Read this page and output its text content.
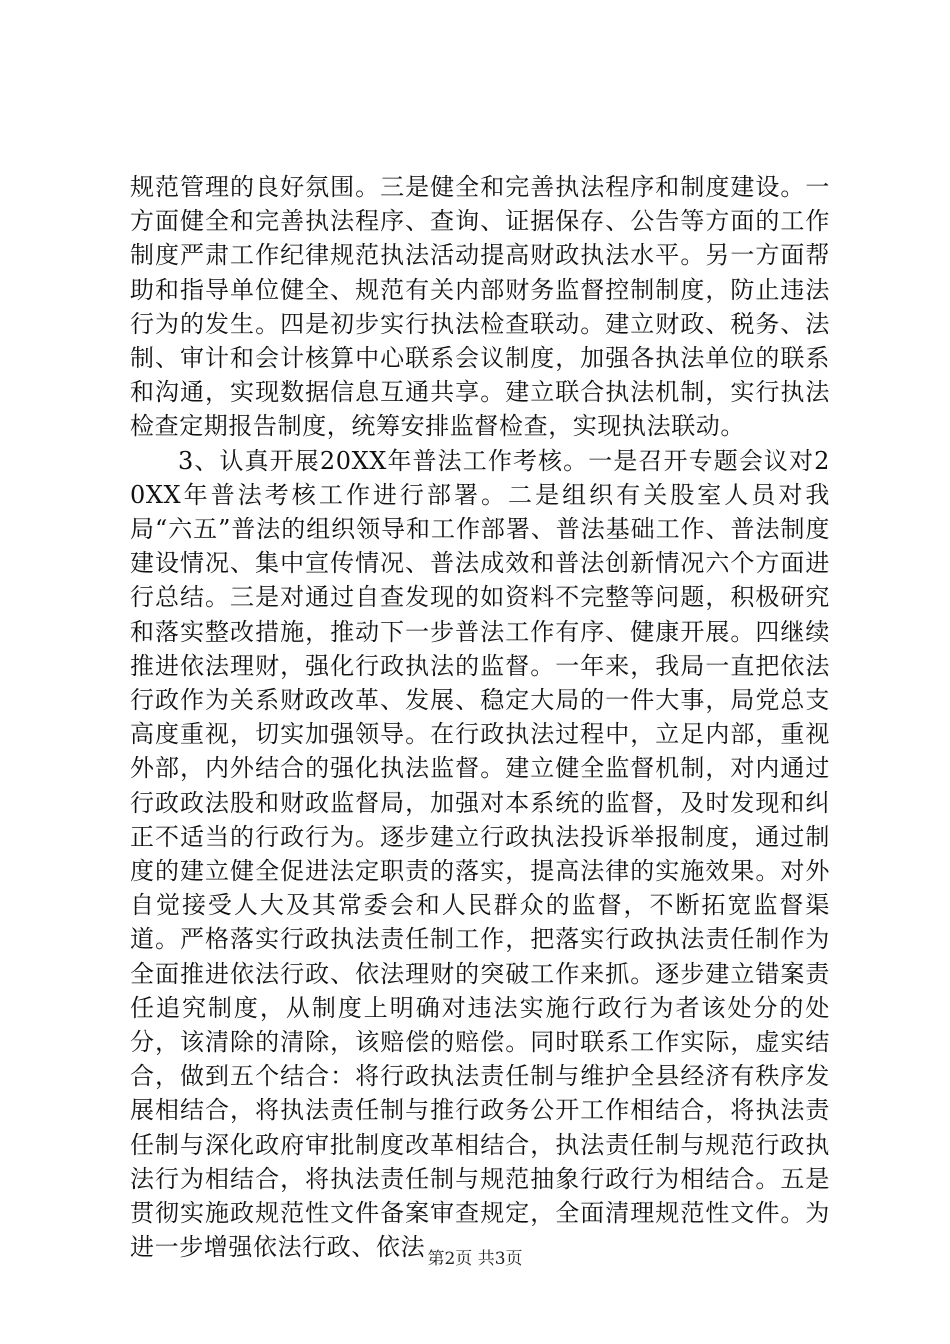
规范管理的良好氛围。三是健全和完善执法程序和制度建设。一方面健全和完善执法程序、查询、证据保存、公告等方面的工作制度严肃工作纪律规范执法活动提高财政执法水平。另一方面帮助和指导单位健全、规范有关内部财务监督控制制度，防止违法行为的发生。四是初步实行执法检查联动。建立财政、税务、法制、审计和会计核算中心联系会议制度，加强各执法单位的联系和沟通，实现数据信息互通共享。建立联合执法机制，实行执法检查定期报告制度，统筹安排监督检查，实现执法联动。

3、认真开展20XX年普法工作考核。一是召开专题会议对20XX年普法考核工作进行部署。二是组织有关股室人员对我局“六五”普法的组织领导和工作部署、普法基础工作、普法制度建设情况、集中宣传情况、普法成效和普法创新情况六个方面进行总结。三是对通过自查发现的如资料不完整等问题，积极研究和落实整改措施，推动下一步普法工作有序、健康开展。四继续推进依法理财，强化行政执法的监督。一年来，我局一直把依法行政作为关系财政改革、发展、稳定大局的一件大事，局党总支高度重视，切实加强领导。在行政执法过程中，立足内部，重视外部，内外结合的强化执法监督。建立健全监督机制，对内通过行政政法股和财政监督局，加强对本系统的监督，及时发现和纠正不适当的行政行为。逐步建立行政执法投诉举报制度，通过制度的建立健全促进法定职责的落实，提高法律的实施效果。对外自觉接受人大及其常委会和人民群众的监督，不断拓宽监督渠道。严格落实行政执法责任制工作，把落实行政执法责任制作为全面推进依法行政、依法理财的突破工作来抓。逐步建立错案责任追究制度，从制度上明确对违法实施行政行为者该处分的处分，该清除的清除，该赔偿的赔偿。同时联系工作实际，虚实结合，做到五个结合：将行政执法责任制与维护全县经济有秩序发展相结合，将执法责任制与推行政务公开工作相结合，将执法责任制与深化政府审批制度改革相结合，执法责任制与规范行政执法行为相结合，将执法责任制与规范抽象行政行为相结合。五是贯彻实施政规范性文件备案审查规定，全面清理规范性文件。为进一步增强依法行政、依法 第2页 共3页
